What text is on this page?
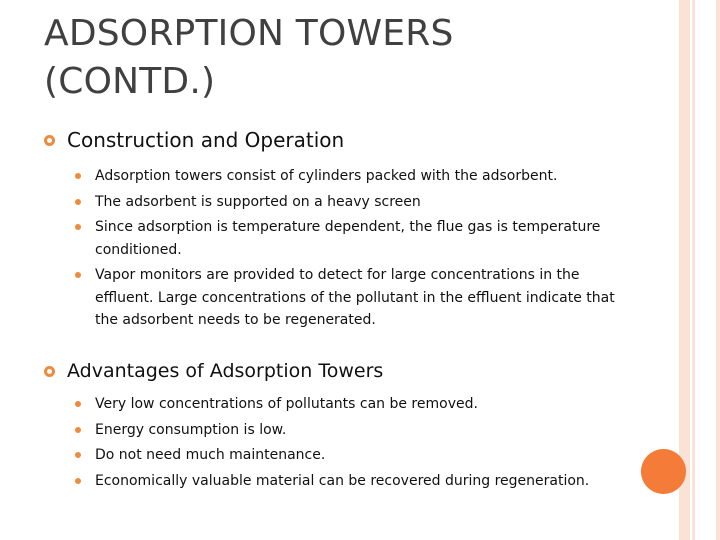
ADSORPTION TOWERS
(CONTD.)
Construction and Operation
Adsorption towers consist of cylinders packed with the adsorbent.
The adsorbent is supported on a heavy screen
Since adsorption is temperature dependent, the flue gas is temperature conditioned.
Vapor monitors are provided to detect for large concentrations in the effluent. Large concentrations of the pollutant in the effluent indicate that the adsorbent needs to be regenerated.
Advantages of Adsorption Towers
Very low concentrations of pollutants can be removed.
Energy consumption is low.
Do not need much maintenance.
Economically valuable material can be recovered during regeneration.
